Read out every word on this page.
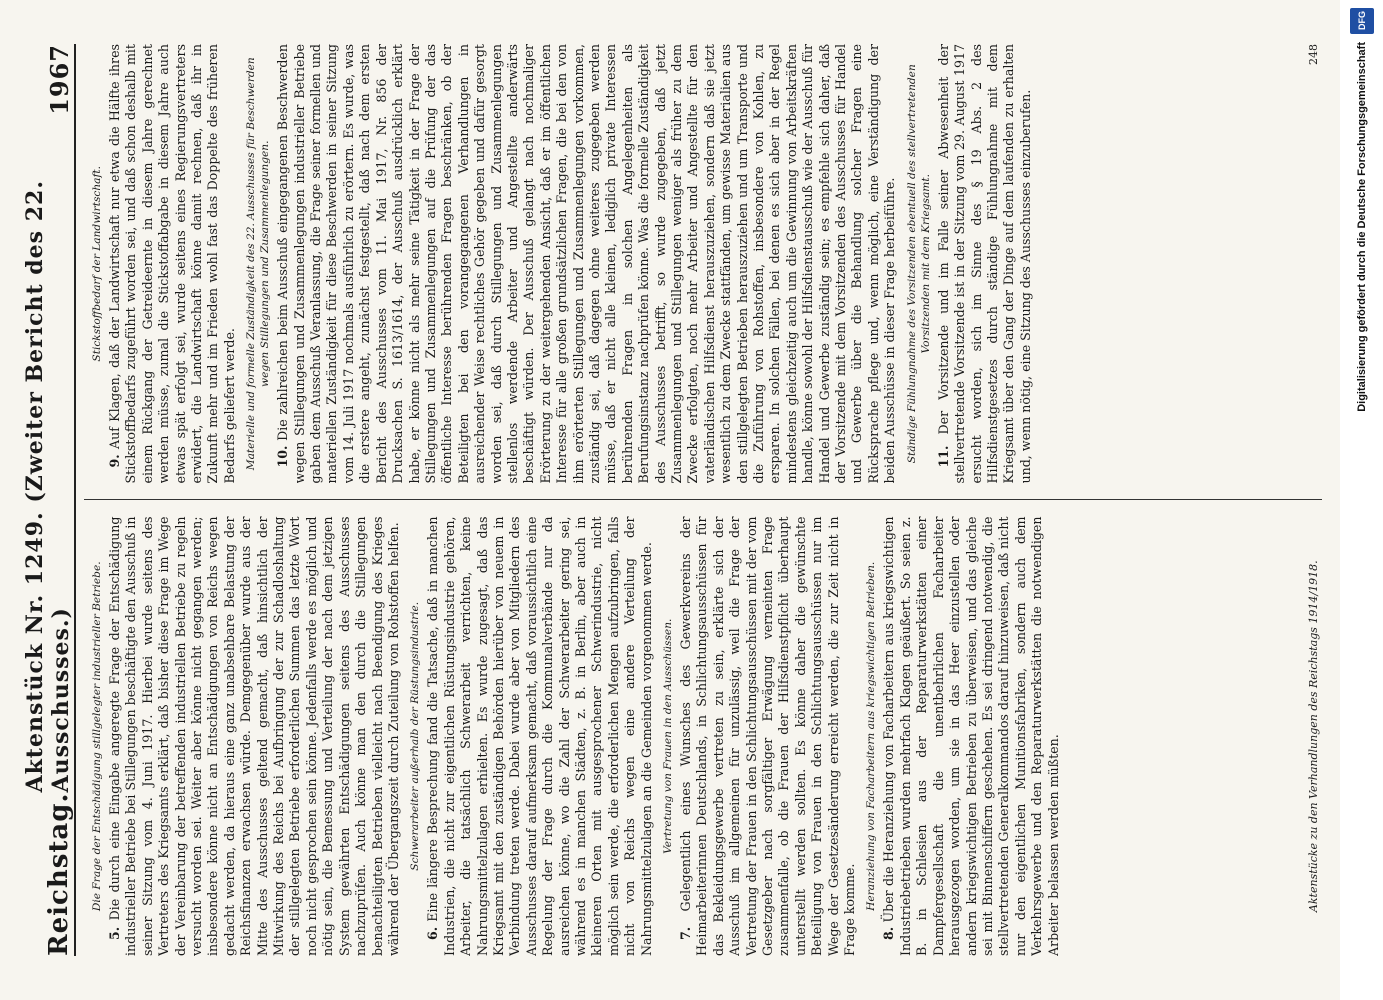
Reichstag.
Aktenstück Nr. 1249. (Zweiter Bericht des 22. Ausschusses.)
1967
Die Frage der Entschädigung stillgelegter industrieller Betriebe.

5. Die durch eine Eingabe angeregte Frage der Entschädigung industrieller Betriebe bei Stillegungen beschäftigte den Ausschuß in seiner Sitzung vom 4. Juni 1917. Hierbei wurde seitens des Vertreters des Kriegsamts erklärt, daß bisher diese Frage im Wege der Vereinbarung der betreffenden industriellen Betriebe zu regeln versucht worden sei. Weiter aber könne nicht gegangen werden; insbesondere könne nicht an Entschädigungen von Reichs wegen gedacht werden, da hieraus eine ganz unabsehbare Belastung der Reichsfinanzen erwachsen würde. Demgegenüber wurde aus der Mitte des Ausschusses geltend gemacht, daß hinsichtlich der Mitwirkung des Reichs bei Aufbringung der zur Schadloshaltung der stillgelegten Betriebe erforderlichen Summen das letzte Wort noch nicht gesprochen sein könne. Jedenfalls werde es möglich und nötig sein, die Bemessung und Verteilung der nach dem jetzigen System gewährten Entschädigungen seitens des Ausschusses nachzuprüfen. Auch könne man den durch die Stillegungen benachteiligten Betrieben vielleicht nach Beendigung des Krieges während der Übergangszeit durch Zuteilung von Rohstoffen helfen. Schwerarbeiter außerhalb der Rüstungsindustrie.

6. Eine längere Besprechung fand die Tatsache, daß in manchen Industrien, die nicht zur eigentlichen Rüstungsindustrie gehören, Arbeiter, die tatsächlich Schwerarbeit verrichten, keine Nahrungsmittelzulagen erhielten. Es wurde zugesagt, daß das Kriegsamt mit den zuständigen Behörden hierüber von neuem in Verbindung treten werde. Dabei wurde aber von Mitgliedern des Ausschusses darauf aufmerksam gemacht, daß voraussichtlich eine Regelung der Frage durch die Kommunalverbände nur da ausreichen könne, wo die Zahl der Schwerarbeiter gering sei, während es in manchen Städten, z. B. in Berlin, aber auch in kleineren Orten mit ausgesprochener Schwerindustrie, nicht möglich sein werde, die erforderlichen Mengen aufzubringen, falls nicht von Reichs wegen eine andere Verteilung der Nahrungsmittelzulagen an die Gemeinden vorgenommen werde. Vertretung von Frauen in den Ausschüssen.

7. Gelegentlich eines Wunsches des Gewerkvereins der Heimarbeiterinnen Deutschlands, in Schlichtungsausschüssen für das Bekleidungsgewerbe vertreten zu sein, erklärte sich der Ausschuß im allgemeinen für unzulässig, weil die Frage der Vertretung der Frauen in den Schlichtungsausschüssen mit der vom Gesetzgeber nach sorgfältiger Erwägung verneinten Frage zusammenfalle, ob die Frauen der Hilfsdienstpflicht überhaupt unterstellt werden sollten. Es könne daher die gewünschte Beteiligung von Frauen in den Schlichtungsausschüssen nur im Wege der Gesetzesänderung erreicht werden, die zur Zeit nicht in Frage komme. Heranziehung von Facharbeitern aus kriegswichtigen Betrieben.

8. Über die Heranziehung von Facharbeitern aus kriegswichtigen Industriebetrieben wurden mehrfach Klagen geäußert. So seien z. B. in Schlesien aus der Reparaturwerkstätten einer Dampfergesellschaft die unentbehrlichen Facharbeiter herausgezogen worden, um sie in das Heer einzustellen oder andern kriegswichtigen Betrieben zu überweisen, und das gleiche sei mit Binnenschiffern geschehen. Es sei dringend notwendig, die stellvertretenden Generalkommandos darauf hinzuweisen, daß nicht nur den eigentlichen Munitionsfabriken, sondern auch dem Verkehrsgewerbe und den Reparaturwerkstätten die notwendigen Arbeiter belassen werden müßten.	Aktenstücke zu den Verhandlungen des Reichstags 1914/1918.
Stickstoffbedarf der Landwirtschaft.

9. Auf Klagen, daß der Landwirtschaft nur etwa die Hälfte ihres Stickstoffbedarfs zugeführt worden sei, und daß schon deshalb mit einem Rückgang der Getreideernte in diesem Jahre gerechnet werden müsse, zumal die Stickstoffabgabe in diesem Jahre auch etwas spät erfolgt sei, wurde seitens eines Regierungsvertreters erwidert, die Landwirtschaft könne damit rechnen, daß ihr in Zukunft mehr und im Frieden wohl fast das Doppelte des früheren Bedarfs geliefert werde. Materielle und formelle Zuständigkeit des 22. Ausschusses für Beschwerden wegen Stillegungen und Zusammenlegungen.

10. Die zahlreichen beim Ausschuß eingegangenen Beschwerden wegen Stillegungen und Zusammenlegungen industrieller Betriebe gaben dem Ausschuß Veranlassung, die Frage seiner formellen und materiellen Zuständigkeit für diese Beschwerden in seiner Sitzung vom 14. Juli 1917 nochmals ausführlich zu erörtern. Es wurde, was die erstere angeht, zunächst festgestellt, daß nach dem ersten Bericht des Ausschusses vom 11. Mai 1917, Nr. 856 der Drucksachen S. 1613/1614, der Ausschuß ausdrücklich erklärt habe, er könne nicht als mehr seine Tätigkeit in der Frage der Stillegungen und Zusammenlegungen auf die Prüfung der das öffentliche Interesse berührenden Fragen beschränken, ob der Beteiligten bei den vorangegangenen Verhandlungen in ausreichender Weise rechtliches Gehör gegeben und dafür gesorgt worden sei, daß durch Stillegungen und Zusammenlegungen stellenlos werdende Arbeiter und Angestellte anderwärts beschäftigt würden. Der Ausschuß gelangt nach nochmaliger Erörterung zu der weitergehenden Ansicht, daß er im öffentlichen Interesse für alle großen grundsätzlichen Fragen, die bei den von ihm erörterten Stillegungen und Zusammenlegungen vorkommen, zuständig sei, daß dagegen ohne weiteres zugegeben werden müsse, daß er nicht alle kleinen, lediglich private Interessen berührenden Fragen in solchen Angelegenheiten als Berufungsinstanz nachprüfen könne. Was die formelle Zuständigkeit des Ausschusses betrifft, so wurde zugegeben, daß jetzt Zusammenlegungen und Stillegungen weniger als früher zu dem Zwecke erfolgten, noch mehr Arbeiter und Angestellte für den vaterländischen Hilfsdienst herauszuziehen, sondern daß sie jetzt wesentlich zu dem Zwecke stattfänden, um gewisse Materialien aus den stillgelegten Betrieben herauszuziehen und um Transporte und die Zuführung von Rohstoffen, insbesondere von Kohlen, zu ersparen. In solchen Fällen, bei denen es sich aber in der Regel mindestens gleichzeitig auch um die Gewinnung von Arbeitskräften handle, könne sowohl der Hilfsdienstausschuß wie der Ausschuß für Handel und Gewerbe zuständig sein; es empfehle sich daher, daß der Vorsitzende mit dem Vorsitzenden des Ausschusses für Handel und Gewerbe über die Behandlung solcher Fragen eine Rücksprache pflege und, wenn möglich, eine Verständigung der beiden Ausschüsse in dieser Frage herbeiführe. Ständige Fühlungnahme des Vorsitzenden ebentuell des stellvertretenden Vorsitzenden mit dem Kriegsamt.

11. Der Vorsitzende und im Falle seiner Abwesenheit der stellvertretende Vorsitzende ist in der Sitzung vom 29. August 1917 ersucht worden, sich im Sinne des § 19 Abs. 2 des Hilfsdienstgesetzes durch ständige Fühlungnahme mit dem Kriegsamt über den Gang der Dinge auf dem laufenden zu erhalten und, wenn nötig, eine Sitzung des Ausschusses einzuberufen.

248
DFG
Digitalisierung gefördert durch die Deutsche Forschungsgemeinschaft
